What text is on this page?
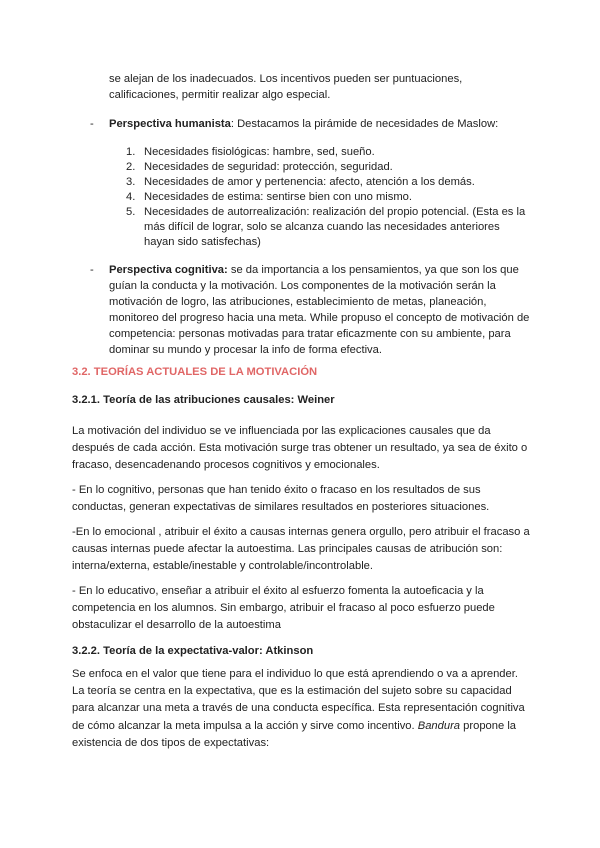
se alejan de los inadecuados. Los incentivos pueden ser puntuaciones,
calificaciones, permitir realizar algo especial.
- Perspectiva humanista: Destacamos la pirámide de necesidades de Maslow:
1. Necesidades fisiológicas: hambre, sed, sueño.
2. Necesidades de seguridad: protección, seguridad.
3. Necesidades de amor y pertenencia: afecto, atención a los demás.
4. Necesidades de estima: sentirse bien con uno mismo.
5. Necesidades de autorrealización: realización del propio potencial. (Esta es la
más difícil de lograr, solo se alcanza cuando las necesidades anteriores
hayan sido satisfechas)
- Perspectiva cognitiva: se da importancia a los pensamientos, ya que son los que
guían la conducta y la motivación. Los componentes de la motivación serán la
motivación de logro, las atribuciones, establecimiento de metas, planeación,
monitoreo del progreso hacia una meta. While propuso el concepto de motivación de
competencia: personas motivadas para tratar eficazmente con su ambiente, para
dominar su mundo y procesar la info de forma efectiva.
3.2. TEORÍAS ACTUALES DE LA MOTIVACIÓN
3.2.1. Teoría de las atribuciones causales: Weiner
La motivación del individuo se ve influenciada por las explicaciones causales que da
después de cada acción. Esta motivación surge tras obtener un resultado, ya sea de éxito o
fracaso, desencadenando procesos cognitivos y emocionales.
- En lo cognitivo, personas que han tenido éxito o fracaso en los resultados de sus
conductas, generan expectativas de similares resultados en posteriores situaciones.
-En lo emocional , atribuir el éxito a causas internas genera orgullo, pero atribuir el fracaso a
causas internas puede afectar la autoestima. Las principales causas de atribución son:
interna/externa, estable/inestable y controlable/incontrolable.
- En lo educativo, enseñar a atribuir el éxito al esfuerzo fomenta la autoeficacia y la
competencia en los alumnos. Sin embargo, atribuir el fracaso al poco esfuerzo puede
obstaculizar el desarrollo de la autoestima
3.2.2. Teoría de la expectativa-valor: Atkinson
Se enfoca en el valor que tiene para el individuo lo que está aprendiendo o va a aprender.
La teoría se centra en la expectativa, que es la estimación del sujeto sobre su capacidad
para alcanzar una meta a través de una conducta específica. Esta representación cognitiva
de cómo alcanzar la meta impulsa a la acción y sirve como incentivo. Bandura propone la
existencia de dos tipos de expectativas:
